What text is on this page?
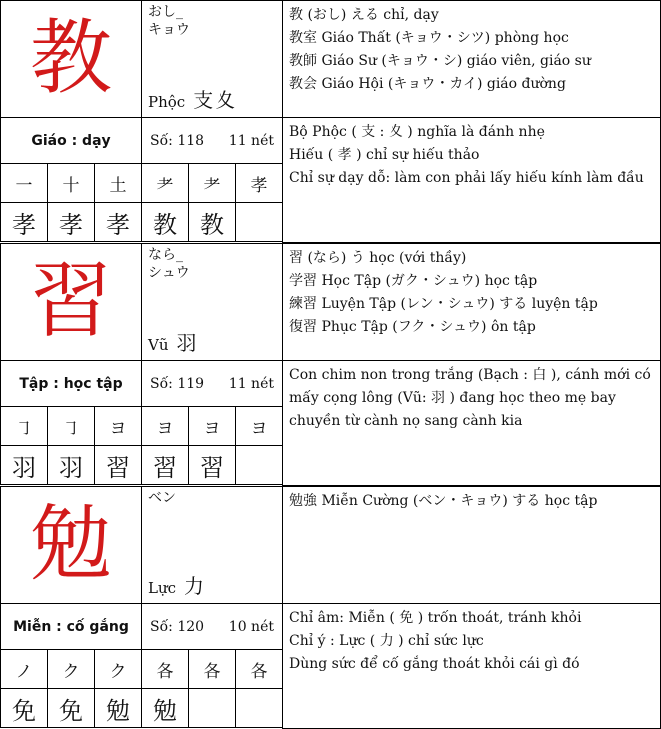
教	おし_
キョウ
Phộc 支夊
教 (おし) える chỉ, dạy
教室 Giáo Thất (キョウ・シツ) phòng học
教師 Giáo Sư (キョウ・シ) giáo viên, giáo sư
教会 Giáo Hội (キョウ・カイ) giáo đường
Giáo : dạy	Số: 118 11 nét
Bộ Phộc ( 支 : 夊 ) nghĩa là đánh nhẹ
Hiếu ( 孝 ) chỉ sự hiếu thảo
Chỉ sự dạy dỗ: làm con phải lấy hiếu kính làm đầu
一	十	土	耂	耂	孝
孝 孝 孝 教 教
習	なら_
シュウ
Vũ 羽
習 (なら) う học (với thầy)
学習 Học Tập (ガク・シュウ) học tập
練習 Luyện Tập (レン・シュウ) する luyện tập
復習 Phục Tập (フク・シュウ) ôn tập
Tập : học tập	Số: 119 11 nét
Con chim non trong trắng (Bạch : 白 ), cánh mới có
mấy cọng lông (Vũ: 羽 ) đang học theo mẹ bay
chuyền từ cành nọ sang cành kia
㇆	㇆	ヨ	ヨ	ヨ	ヨ
羽 羽 習 習 習
勉	ベン
Lực 力
勉強 Miễn Cường (ベン・キョウ) する học tập
Miễn : cố gắng	Số: 120 10 nét
Chỉ âm: Miễn ( 免 ) trốn thoát, tránh khỏi
Chỉ ý : Lực ( 力 ) chỉ sức lực
Dùng sức để cố gắng thoát khỏi cái gì đó
ノ	ク	ク	各	各	各
免 免 勉 勉
